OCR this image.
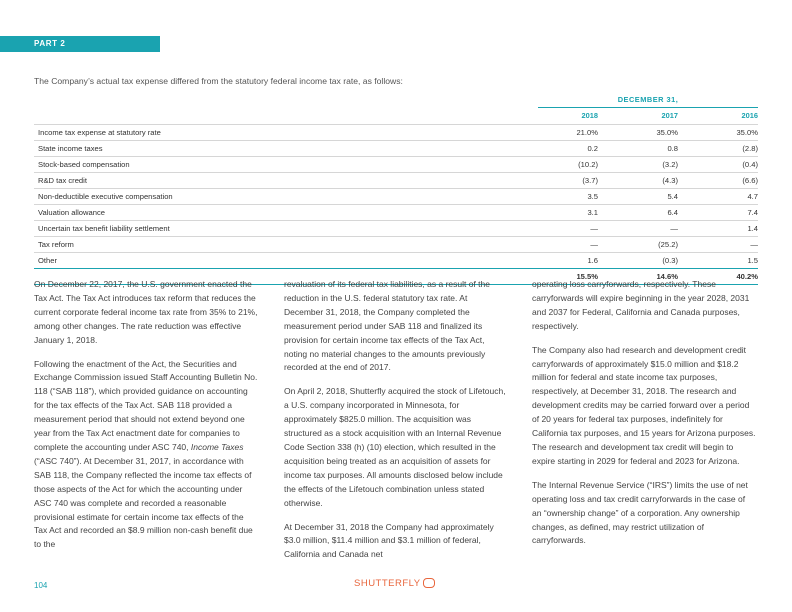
PART 2
The Company’s actual tax expense differed from the statutory federal income tax rate, as follows:
DECEMBER 31,
2018	2017	2016
Income tax expense at statutory rate	21.0%	35.0%	35.0%
State income taxes	0.2	0.8	(2.8)
Stock-based compensation	(10.2)	(3.2)	(0.4)
R&D tax credit	(3.7)	(4.3)	(6.6)
Non-deductible executive compensation	3.5	5.4	4.7
Valuation allowance	3.1	6.4	7.4
Uncertain tax benefit liability settlement	—	—	1.4
Tax reform	—	(25.2)	—
Other	1.6	(0.3)	1.5
15.5%	14.6%	40.2%

On December 22, 2017, the U.S. government enacted the Tax Act. The Tax Act introduces tax reform that reduces the current corporate federal income tax rate from 35% to 21%, among other changes. The rate reduction was effective January 1, 2018.

Following the enactment of the Act, the Securities and Exchange Commission issued Staff Accounting Bulletin No. 118 (“SAB 118”), which provided guidance on accounting for the tax effects of the Tax Act. SAB 118 provided a measurement period that should not extend beyond one year from the Tax Act enactment date for companies to complete the accounting under ASC 740, Income Taxes (“ASC 740”). At December 31, 2017, in accordance with SAB 118, the Company reflected the income tax effects of those aspects of the Act for which the accounting under ASC 740 was complete and recorded a reasonable provisional estimate for certain income tax effects of the Tax Act and recorded an $8.9 million non-cash benefit due to the

revaluation of its federal tax liabilities, as a result of the reduction in the U.S. federal statutory tax rate. At December 31, 2018, the Company completed the measurement period under SAB 118 and finalized its provision for certain income tax effects of the Tax Act, noting no material changes to the amounts previously recorded at the end of 2017.

On April 2, 2018, Shutterfly acquired the stock of Lifetouch, a U.S. company incorporated in Minnesota, for approximately $825.0 million. The acquisition was structured as a stock acquisition with an Internal Revenue Code Section 338 (h) (10) election, which resulted in the acquisition being treated as an acquisition of assets for income tax purposes. All amounts disclosed below include the effects of the Lifetouch combination unless stated otherwise.

At December 31, 2018 the Company had approximately $3.0 million, $11.4 million and $3.1 million of federal, California and Canada net

operating loss carryforwards, respectively. These carryforwards will expire beginning in the year 2028, 2031 and 2037 for Federal, California and Canada purposes, respectively.

The Company also had research and development credit carryforwards of approximately $15.0 million and $18.2 million for federal and state income tax purposes, respectively, at December 31, 2018. The research and development credits may be carried forward over a period of 20 years for federal tax purposes, indefinitely for California tax purposes, and 15 years for Arizona purposes. The research and development tax credit will begin to expire starting in 2029 for federal and 2023 for Arizona.

The Internal Revenue Service (“IRS”) limits the use of net operating loss and tax credit carryforwards in the case of an “ownership change” of a corporation. Any ownership changes, as defined, may restrict utilization of carryforwards.

104	SHUTTERFLY
